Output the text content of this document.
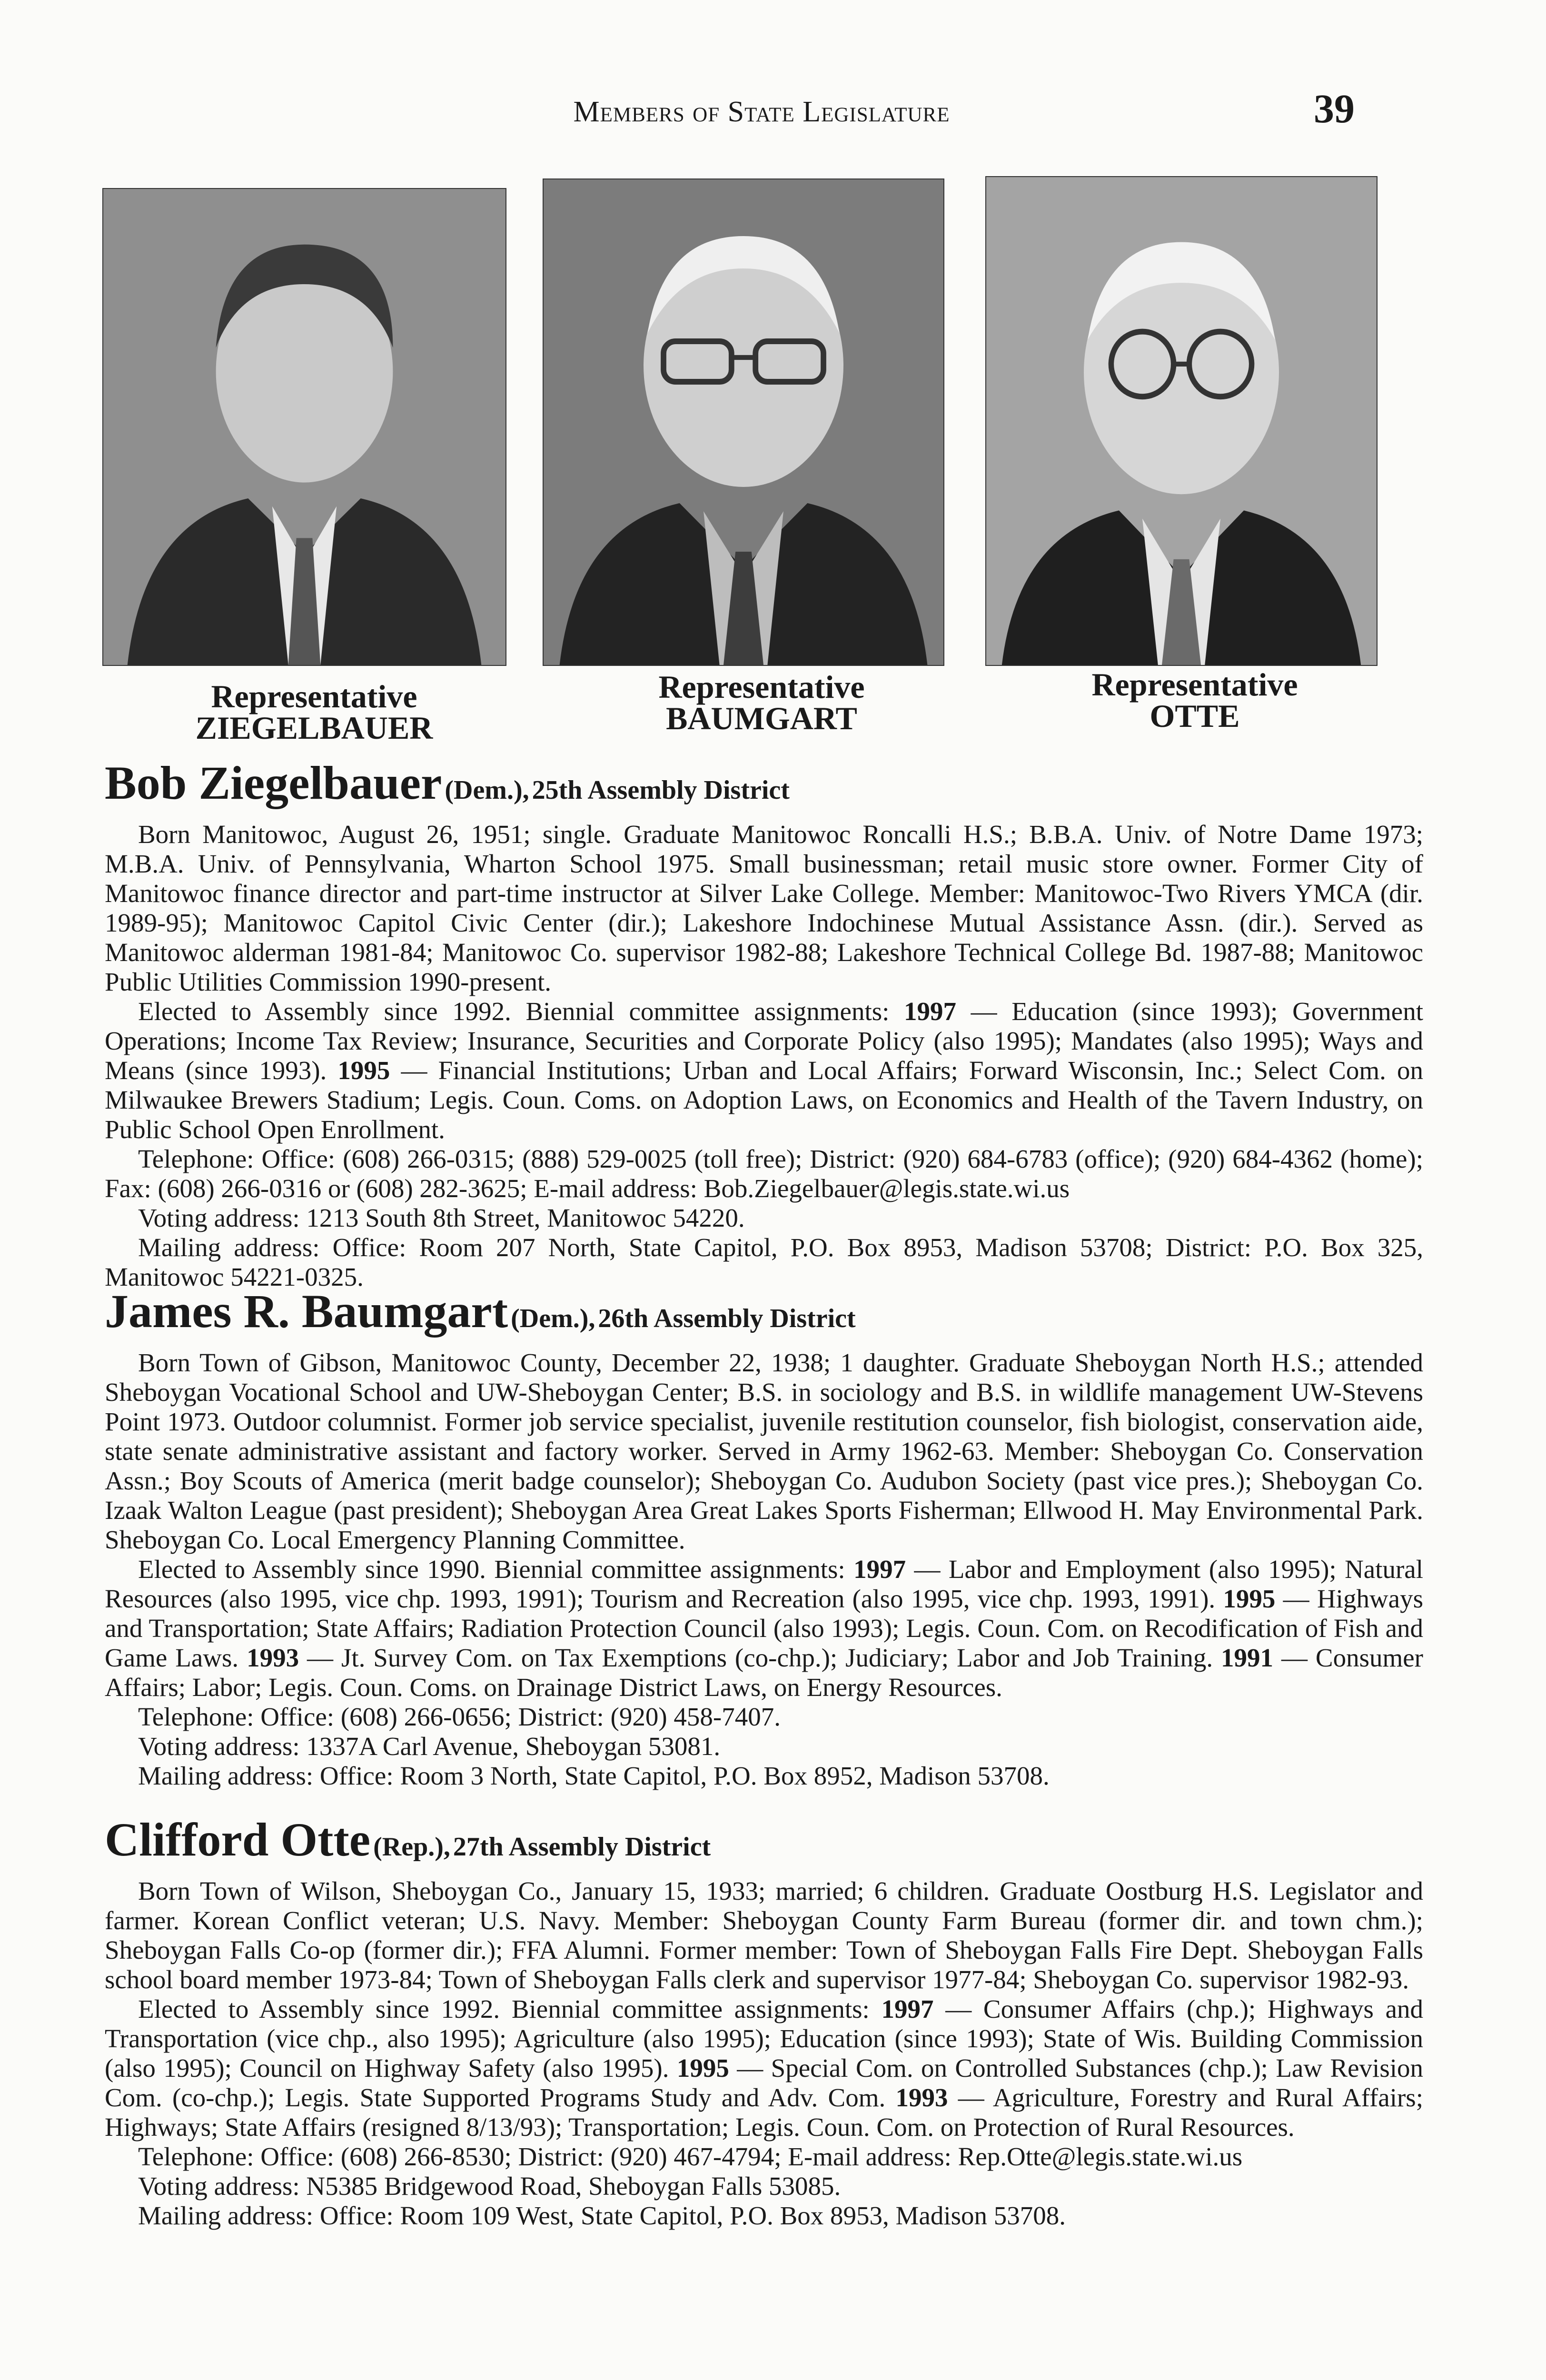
Members of State Legislature	39
Representative
ZIEGELBAUER
Representative
BAUMGART
Representative
OTTE
Bob Ziegelbauer (Dem.), 25th Assembly District

Born Manitowoc, August 26, 1951; single. Graduate Manitowoc Roncalli H.S.; B.B.A. Univ. of Notre Dame 1973; M.B.A. Univ. of Pennsylvania, Wharton School 1975. Small businessman; retail music store owner. Former City of Manitowoc finance director and part-time instructor at Silver Lake College. Member: Manitowoc-Two Rivers YMCA (dir. 1989-95); Manitowoc Capitol Civic Center (dir.); Lakeshore Indochinese Mutual Assistance Assn. (dir.). Served as Manitowoc alderman 1981-84; Manitowoc Co. supervisor 1982-88; Lakeshore Technical College Bd. 1987-88; Manitowoc Public Utilities Commission 1990-present.

Elected to Assembly since 1992. Biennial committee assignments: 1997 — Education (since 1993); Government Operations; Income Tax Review; Insurance, Securities and Corporate Policy (also 1995); Mandates (also 1995); Ways and Means (since 1993). 1995 — Financial Institutions; Urban and Local Affairs; Forward Wisconsin, Inc.; Select Com. on Milwaukee Brewers Stadium; Legis. Coun. Coms. on Adoption Laws, on Economics and Health of the Tavern Industry, on Public School Open Enrollment.

Telephone: Office: (608) 266-0315; (888) 529-0025 (toll free); District: (920) 684-6783 (office); (920) 684-4362 (home); Fax: (608) 266-0316 or (608) 282-3625; E-mail address: Bob.Ziegelbauer@legis.state.wi.us

Voting address: 1213 South 8th Street, Manitowoc 54220.

Mailing address: Office: Room 207 North, State Capitol, P.O. Box 8953, Madison 53708; District: P.O. Box 325, Manitowoc 54221-0325.

James R. Baumgart (Dem.), 26th Assembly District

Born Town of Gibson, Manitowoc County, December 22, 1938; 1 daughter. Graduate Sheboygan North H.S.; attended Sheboygan Vocational School and UW-Sheboygan Center; B.S. in sociology and B.S. in wildlife management UW-Stevens Point 1973. Outdoor columnist. Former job service specialist, juvenile restitution counselor, fish biologist, conservation aide, state senate administrative assistant and factory worker. Served in Army 1962-63. Member: Sheboygan Co. Conservation Assn.; Boy Scouts of America (merit badge counselor); Sheboygan Co. Audubon Society (past vice pres.); Sheboygan Co. Izaak Walton League (past president); Sheboygan Area Great Lakes Sports Fisherman; Ellwood H. May Environmental Park. Sheboygan Co. Local Emergency Planning Committee.

Elected to Assembly since 1990. Biennial committee assignments: 1997 — Labor and Employment (also 1995); Natural Resources (also 1995, vice chp. 1993, 1991); Tourism and Recreation (also 1995, vice chp. 1993, 1991). 1995 — Highways and Transportation; State Affairs; Radiation Protection Council (also 1993); Legis. Coun. Com. on Recodification of Fish and Game Laws. 1993 — Jt. Survey Com. on Tax Exemptions (co-chp.); Judiciary; Labor and Job Training. 1991 — Consumer Affairs; Labor; Legis. Coun. Coms. on Drainage District Laws, on Energy Resources.

Telephone: Office: (608) 266-0656; District: (920) 458-7407.

Voting address: 1337A Carl Avenue, Sheboygan 53081.

Mailing address: Office: Room 3 North, State Capitol, P.O. Box 8952, Madison 53708.

Clifford Otte (Rep.), 27th Assembly District

Born Town of Wilson, Sheboygan Co., January 15, 1933; married; 6 children. Graduate Oostburg H.S. Legislator and farmer. Korean Conflict veteran; U.S. Navy. Member: Sheboygan County Farm Bureau (former dir. and town chm.); Sheboygan Falls Co-op (former dir.); FFA Alumni. Former member: Town of Sheboygan Falls Fire Dept. Sheboygan Falls school board member 1973-84; Town of Sheboygan Falls clerk and supervisor 1977-84; Sheboygan Co. supervisor 1982-93.

Elected to Assembly since 1992. Biennial committee assignments: 1997 — Consumer Affairs (chp.); Highways and Transportation (vice chp., also 1995); Agriculture (also 1995); Education (since 1993); State of Wis. Building Commission (also 1995); Council on Highway Safety (also 1995). 1995 — Special Com. on Controlled Substances (chp.); Law Revision Com. (co-chp.); Legis. State Supported Programs Study and Adv. Com. 1993 — Agriculture, Forestry and Rural Affairs; Highways; State Affairs (resigned 8/13/93); Transportation; Legis. Coun. Com. on Protection of Rural Resources.

Telephone: Office: (608) 266-8530; District: (920) 467-4794; E-mail address: Rep.Otte@legis.state.wi.us

Voting address: N5385 Bridgewood Road, Sheboygan Falls 53085.

Mailing address: Office: Room 109 West, State Capitol, P.O. Box 8953, Madison 53708.
